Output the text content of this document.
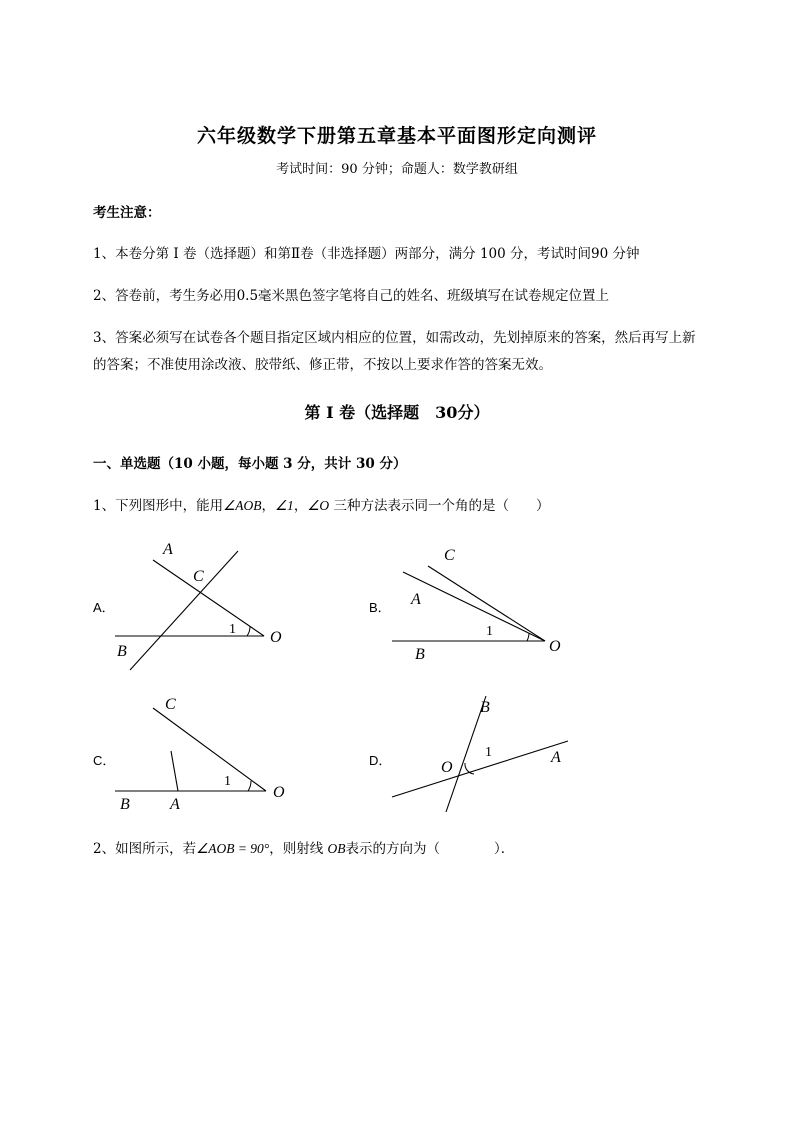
六年级数学下册第五章基本平面图形定向测评
考试时间：90 分钟；命题人：数学教研组
考生注意：
1、本卷分第 I 卷（选择题）和第Ⅱ卷（非选择题）两部分，满分 100 分，考试时间90 分钟
2、答卷前，考生务必用0.5毫米黑色签字笔将自己的姓名、班级填写在试卷规定位置上
3、答案必须写在试卷各个题目指定区域内相应的位置，如需改动，先划掉原来的答案，然后再写上新
的答案；不准使用涂改液、胶带纸、修正带，不按以上要求作答的答案无效。
第 I 卷（选择题　30分）
一、单选题（10 小题，每小题 3 分，共计 30 分）
1、下列图形中，能用∠AOB，∠1，∠O 三种方法表示同一个角的是（　　）
A．	B．
C．	D．
A
C
B
O
1
C
A
B	O
1
C
B	A
O
1
B
O
A
1
2、如图所示，若∠AOB = 90°，则射线 OB表示的方向为（　　　　）．
